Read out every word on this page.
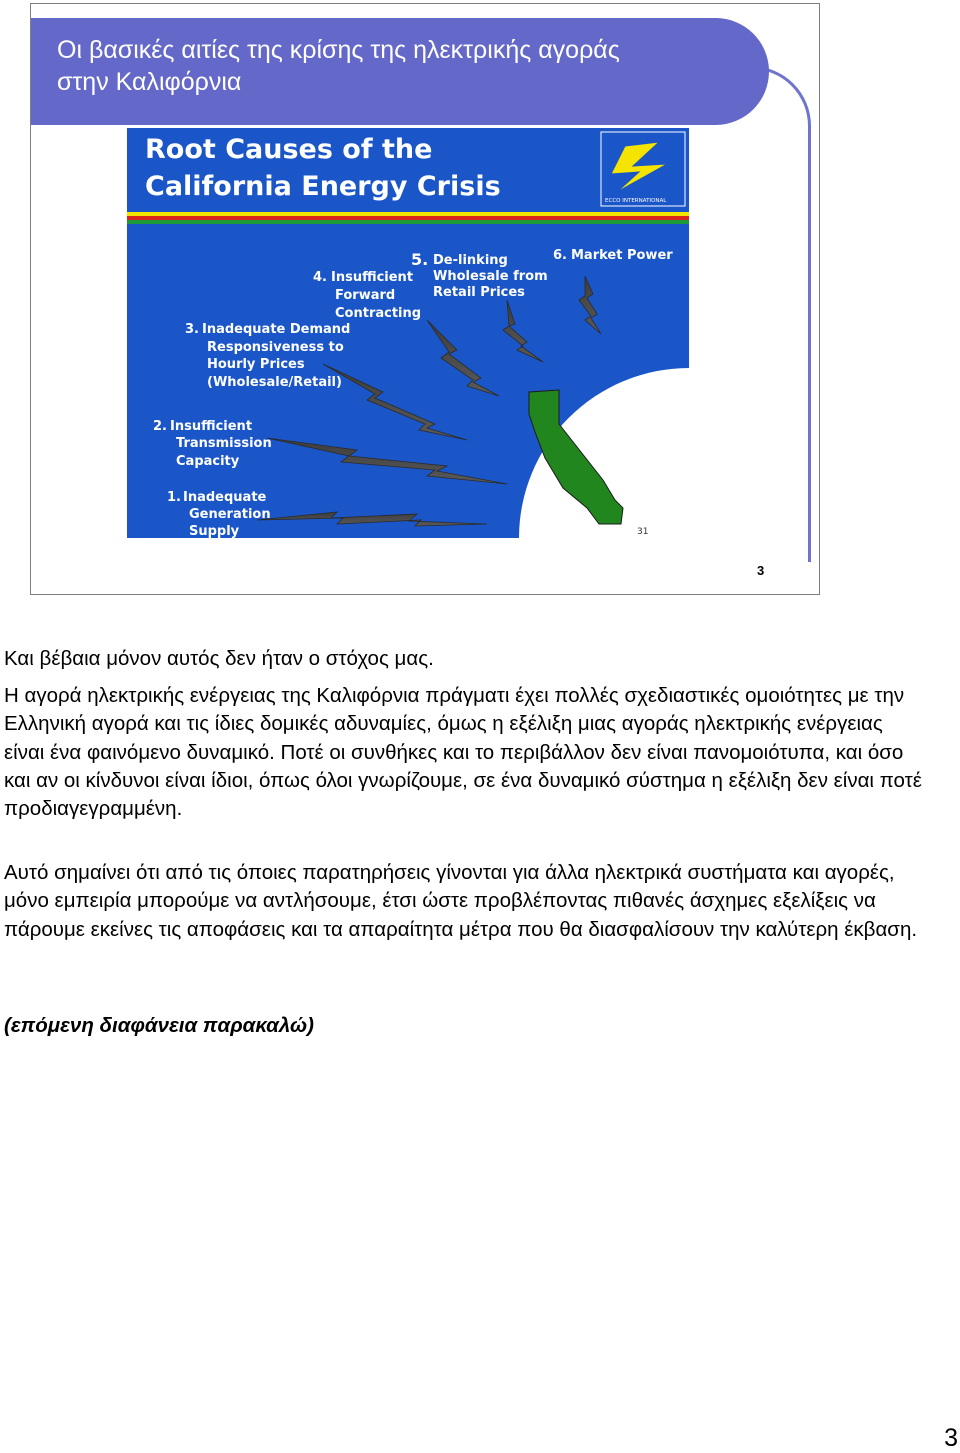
Οι βασικές αιτίες της κρίσης της ηλεκτρικής αγοράς
στην Καλιφόρνια
Root Causes of the
California Energy Crisis	ECCO INTERNATIONAL
5. De-linking
Wholesale from
Retail Prices
6. Market Power
4. Insufficient
Forward
Contracting
3. Inadequate Demand
Responsiveness to
Hourly Prices
(Wholesale/Retail)
2. Insufficient
Transmission
Capacity
1. Inadequate
Generation
Supply	31
3

Και βέβαια μόνον αυτός δεν ήταν ο στόχος μας.

Η αγορά ηλεκτρικής ενέργειας της Καλιφόρνια πράγματι έχει πολλές σχεδιαστικές ομοιότητες με την Ελληνική αγορά και τις ίδιες δομικές αδυναμίες, όμως η εξέλιξη μιας αγοράς ηλεκτρικής ενέργειας είναι ένα φαινόμενο δυναμικό. Ποτέ οι συνθήκες και το περιβάλλον δεν είναι πανομοιότυπα, και όσο και αν οι κίνδυνοι είναι ίδιοι, όπως όλοι γνωρίζουμε, σε ένα δυναμικό σύστημα η εξέλιξη δεν είναι ποτέ προδιαγεγραμμένη.

Αυτό σημαίνει ότι από τις όποιες παρατηρήσεις γίνονται για άλλα ηλεκτρικά συστήματα και αγορές, μόνο εμπειρία μπορούμε να αντλήσουμε, έτσι ώστε προβλέποντας πιθανές άσχημες εξελίξεις να πάρουμε εκείνες τις αποφάσεις και τα απαραίτητα μέτρα που θα διασφαλίσουν την καλύτερη έκβαση.

(επόμενη διαφάνεια παρακαλώ)

3
